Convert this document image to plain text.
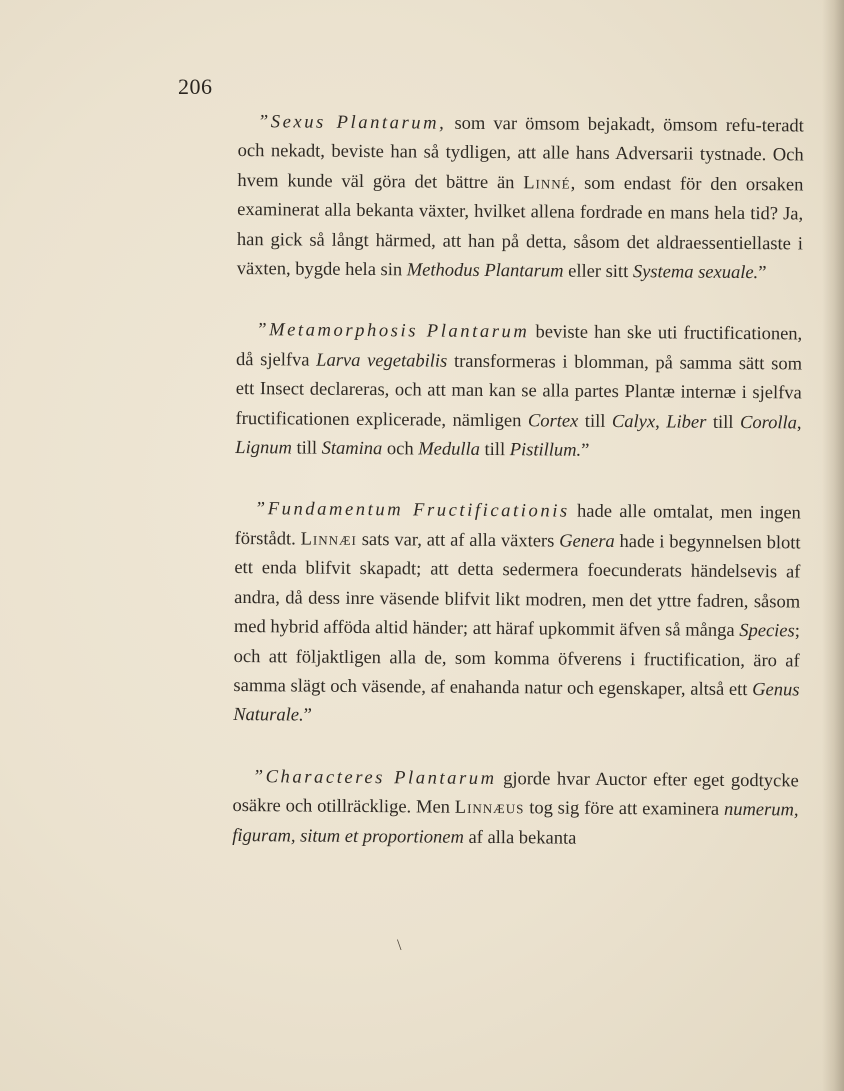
206

”Sexus Plantarum, som var ömsom bejakadt, ömsom refu-teradt och nekadt, beviste han så tydligen, att alle hans Adversarii tystnade. Och hvem kunde väl göra det bättre än Linné, som endast för den orsaken examinerat alla bekanta växter, hvilket allena fordrade en mans hela tid? Ja, han gick så långt härmed, att han på detta, såsom det aldraessentiellaste i växten, bygde hela sin Methodus Plantarum eller sitt Systema sexuale.”

”Metamorphosis Plantarum beviste han ske uti fructificationen, då sjelfva Larva vegetabilis transformeras i blomman, på samma sätt som ett Insect declareras, och att man kan se alla partes Plantæ internæ i sjelfva fructificationen explicerade, nämligen Cortex till Calyx, Liber till Corolla, Lignum till Stamina och Medulla till Pistillum.”

”Fundamentum Fructificationis hade alle omtalat, men ingen förstådt. Linnæi sats var, att af alla växters Genera hade i begynnelsen blott ett enda blifvit skapadt; att detta sedermera foecunderats händelsevis af andra, då dess inre väsende blifvit likt modren, men det yttre fadren, såsom med hybrid afföda altid händer; att häraf upkommit äfven så många Species; och att följaktligen alla de, som komma öfverens i fructification, äro af samma slägt och väsende, af enahanda natur och egenskaper, altså ett Genus Naturale.”

”Characteres Plantarum gjorde hvar Auctor efter eget godtycke osäkre och otillräcklige. Men Linnæus tog sig före att examinera numerum, figuram, situm et proportionem af alla bekanta

\
